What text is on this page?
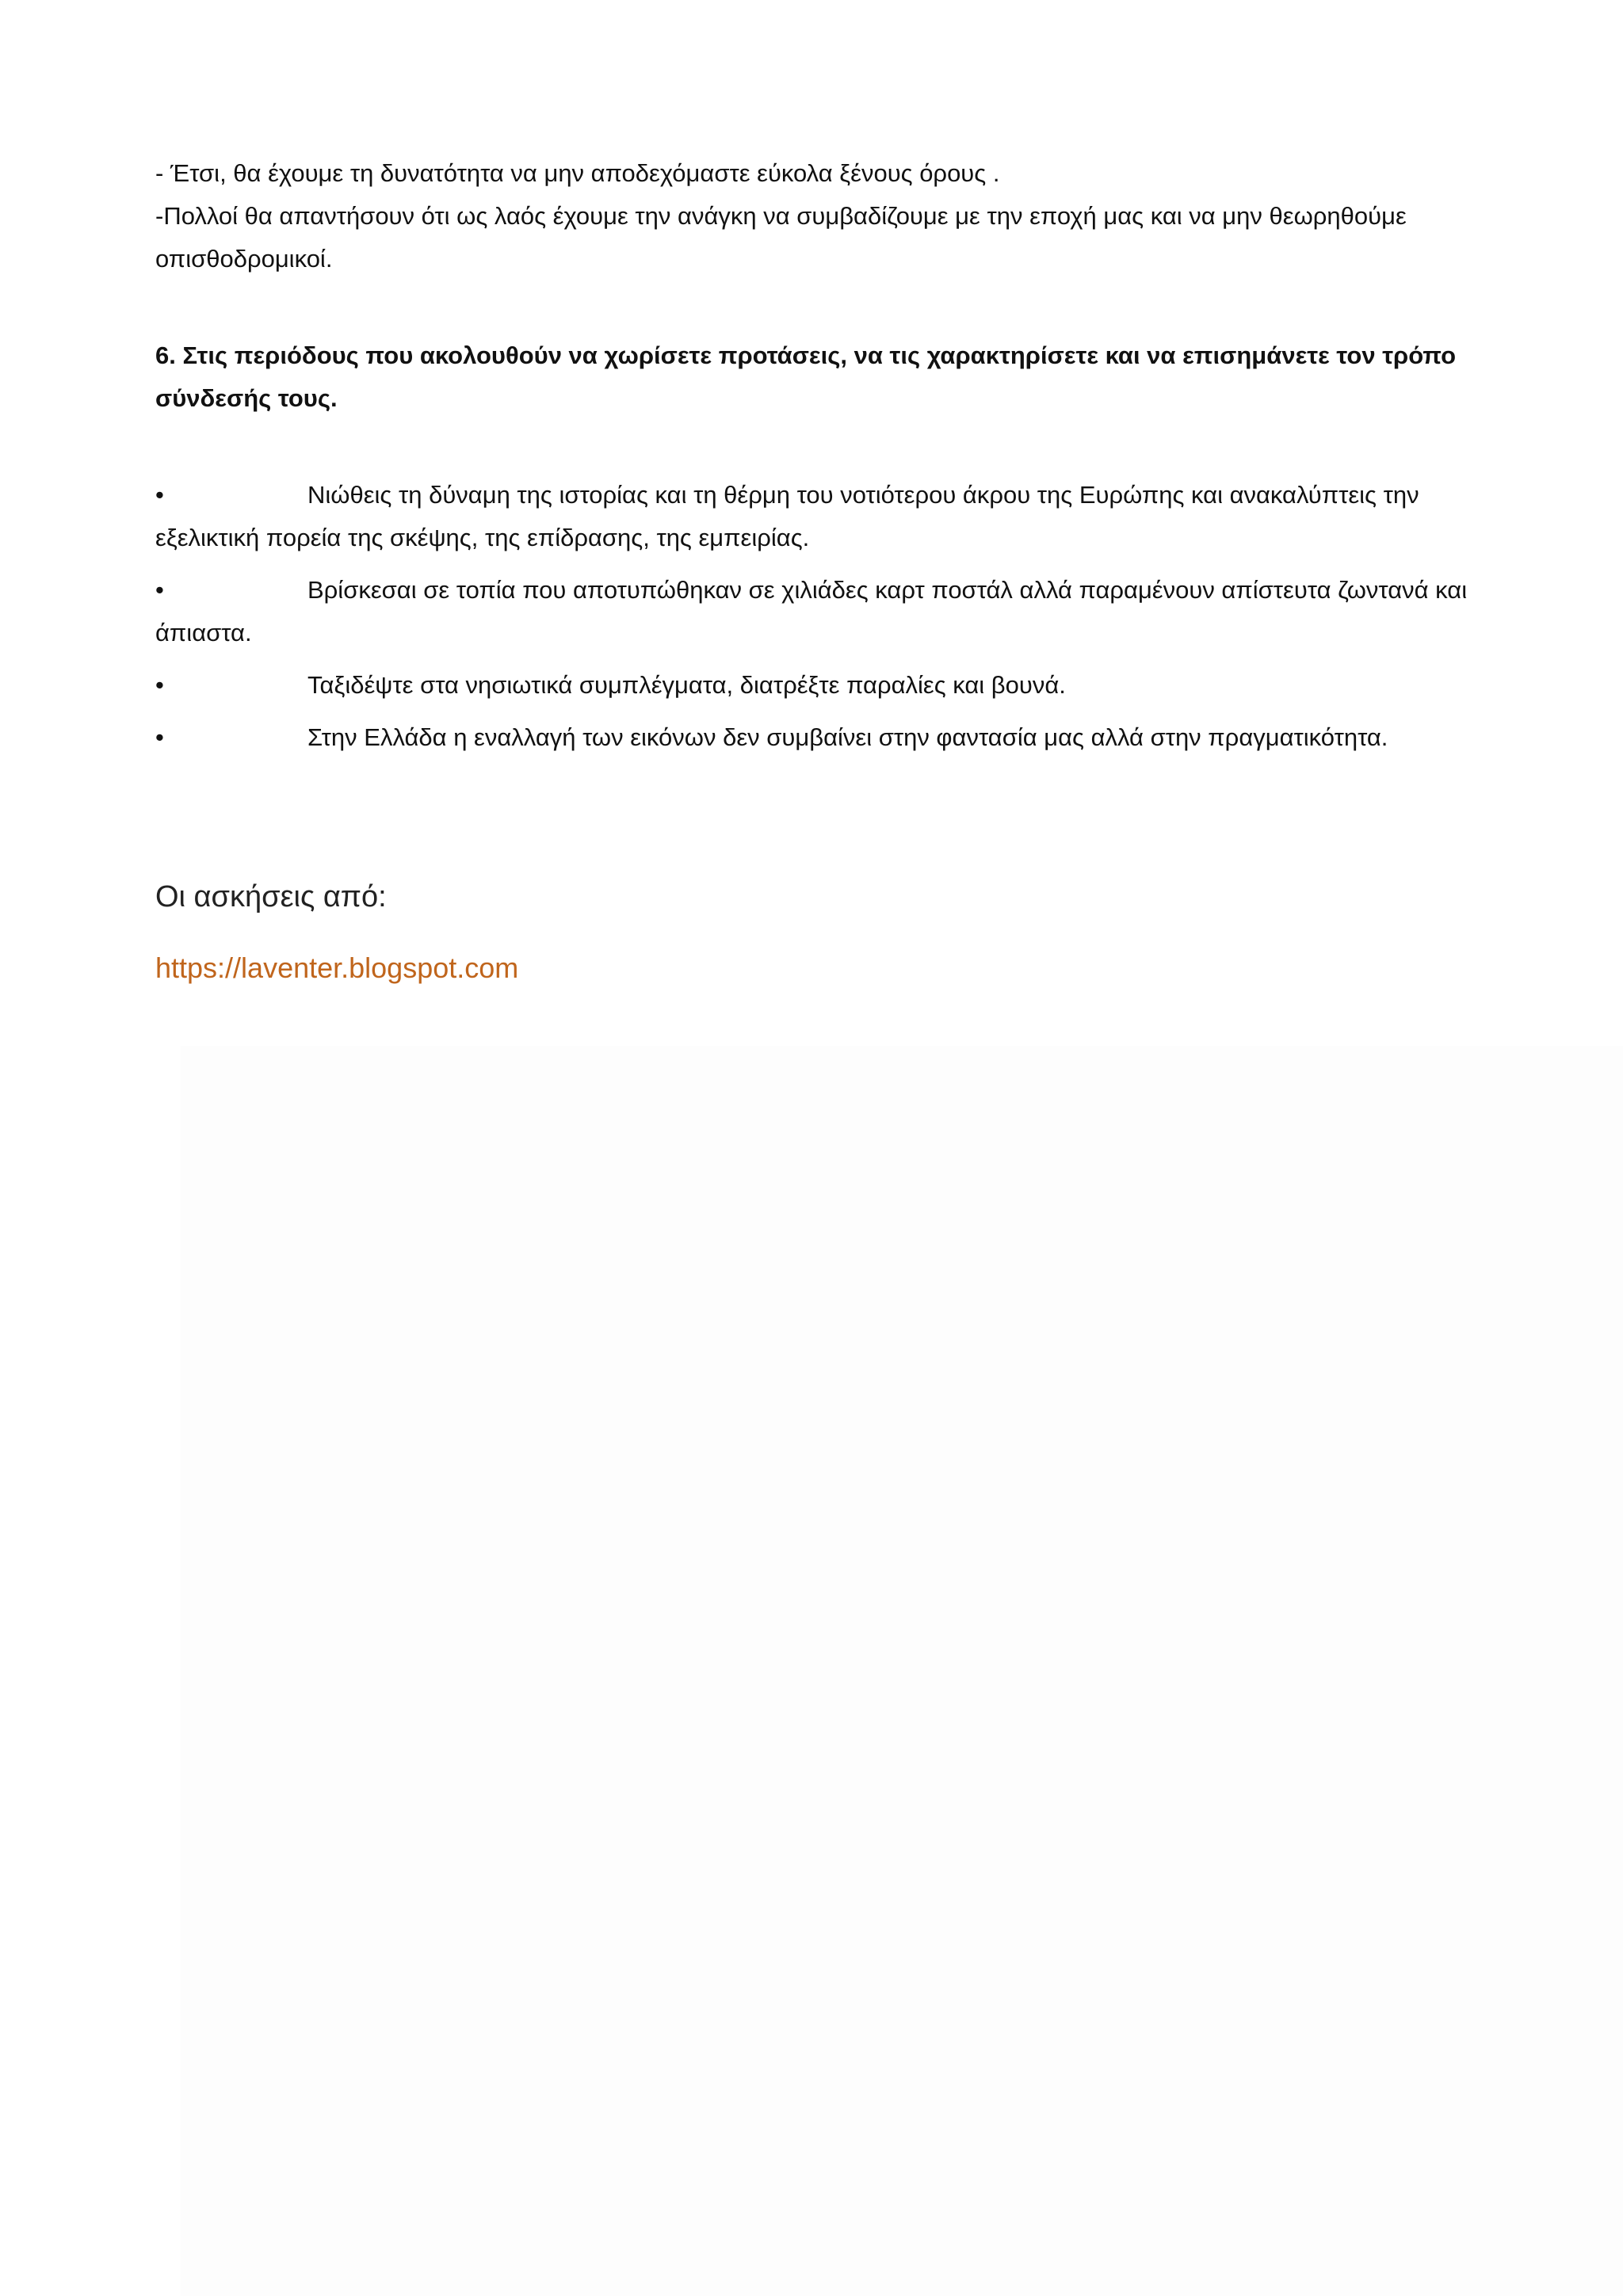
- Έτσι, θα έχουμε τη δυνατότητα να μην αποδεχόμαστε εύκολα ξένους όρους .

-Πολλοί θα απαντήσουν ότι ως λαός έχουμε την ανάγκη να συμβαδίζουμε με την εποχή μας και να μην θεωρηθούμε οπισθοδρομικοί.

6. Στις περιόδους που ακολουθούν να χωρίσετε προτάσεις, να τις χαρακτηρίσετε και να επισημάνετε τον τρόπο σύνδεσής τους.

•	Νιώθεις τη δύναμη της ιστορίας και τη θέρμη του νοτιότερου άκρου της Ευρώπης και ανακαλύπτεις την εξελικτική πορεία της σκέψης, της επίδρασης, της εμπειρίας.

•	Βρίσκεσαι σε τοπία που αποτυπώθηκαν σε χιλιάδες καρτ ποστάλ αλλά παραμένουν απίστευτα ζωντανά και άπιαστα.

•	Ταξιδέψτε στα νησιωτικά συμπλέγματα, διατρέξτε παραλίες και βουνά.

•	Στην Ελλάδα η εναλλαγή των εικόνων δεν συμβαίνει στην φαντασία μας αλλά στην πραγματικότητα.

Οι ασκήσεις από:

https://laventer.blogspot.com
